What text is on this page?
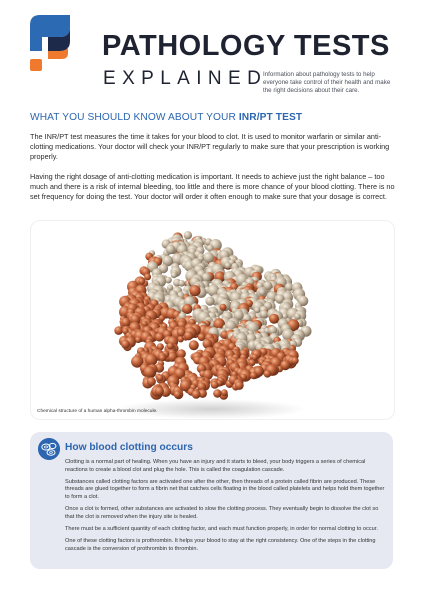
PATHOLOGY TESTS
EXPLAINED
Information about pathology tests to help everyone take control of their health and make the right decisions about their care.
WHAT YOU SHOULD KNOW ABOUT YOUR INR/PT TEST

The INR/PT test measures the time it takes for your blood to clot. It is used to monitor warfarin or similar anti-clotting medications. Your doctor will check your INR/PT regularly to make sure that your prescription is working properly.

Having the right dosage of anti-clotting medication is important. It needs to achieve just the right balance – too much and there is a risk of internal bleeding, too little and there is more chance of your blood clotting. There is no set frequency for doing the test. Your doctor will order it often enough to make sure that your dosage is correct.

Chemical structure of a human alpha-thrombin molecule.
How blood clotting occurs

Clotting is a normal part of healing. When you have an injury and it starts to bleed, your body triggers a series of chemical reactions to create a blood clot and plug the hole. This is called the coagulation cascade.

Substances called clotting factors are activated one after the other, then threads of a protein called fibrin are produced. These threads are glued together to form a fibrin net that catches cells floating in the blood called platelets and helps hold them together to form a clot.

Once a clot is formed, other substances are activated to slow the clotting process. They eventually begin to dissolve the clot so that the clot is removed when the injury site is healed.

There must be a sufficient quantity of each clotting factor, and each must function properly, in order for normal clotting to occur.

One of these clotting factors is prothrombin. It helps your blood to stay at the right consistency. One of the steps in the clotting cascade is the conversion of prothrombin to thrombin.
